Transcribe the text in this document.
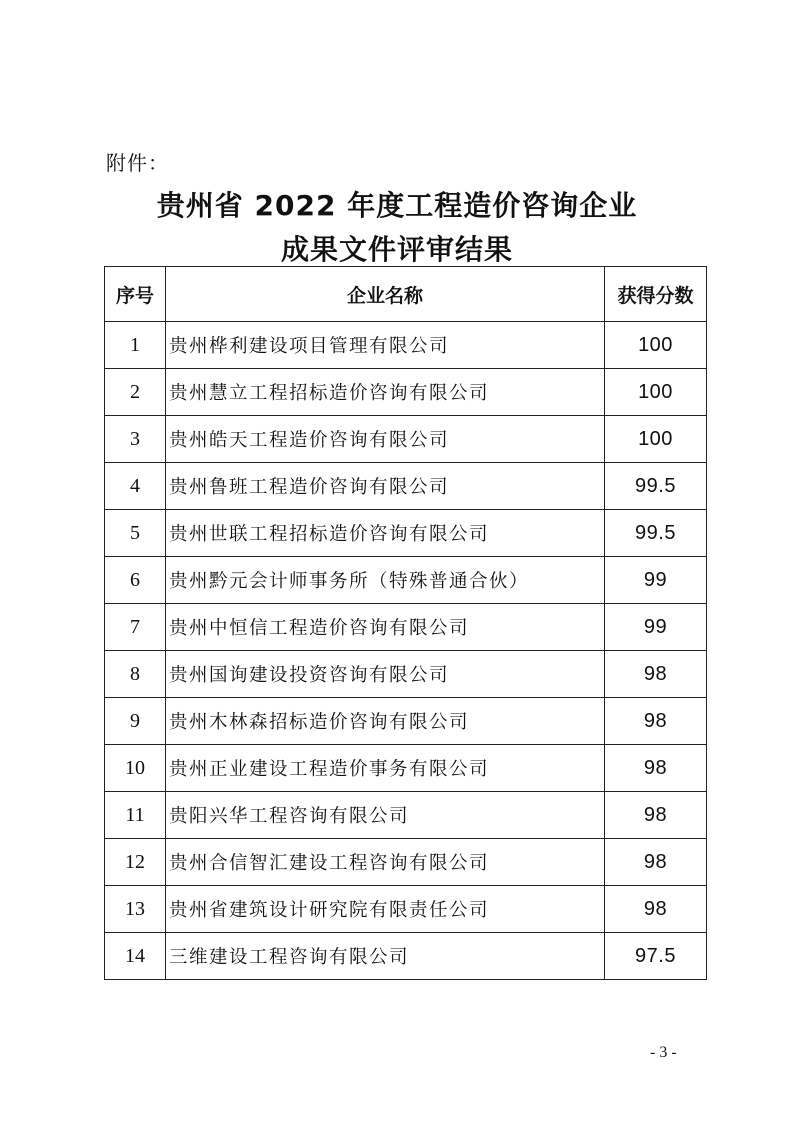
附件：
贵州省 2022 年度工程造价咨询企业
成果文件评审结果
序号	企业名称	获得分数
1	贵州桦利建设项目管理有限公司	100
2	贵州慧立工程招标造价咨询有限公司	100
3	贵州皓天工程造价咨询有限公司	100
4	贵州鲁班工程造价咨询有限公司	99.5
5	贵州世联工程招标造价咨询有限公司	99.5
6	贵州黔元会计师事务所（特殊普通合伙）	99
7	贵州中恒信工程造价咨询有限公司	99
8	贵州国询建设投资咨询有限公司	98
9	贵州木林森招标造价咨询有限公司	98
10	贵州正业建设工程造价事务有限公司	98
11	贵阳兴华工程咨询有限公司	98
12	贵州合信智汇建设工程咨询有限公司	98
13	贵州省建筑设计研究院有限责任公司	98
14	三维建设工程咨询有限公司	97.5
- 3 -
